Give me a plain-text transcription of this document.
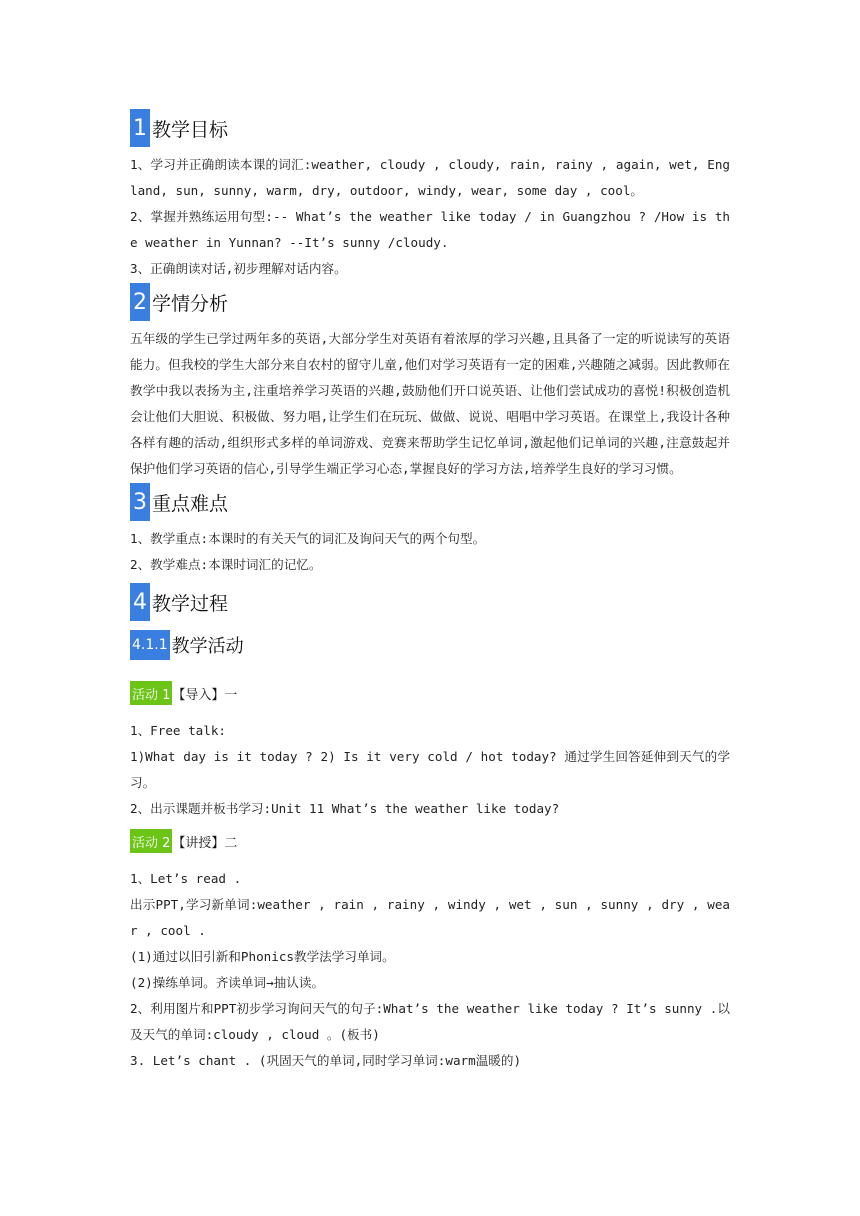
1 教学目标

1、学习并正确朗读本课的词汇:weather, cloudy , cloudy, rain, rainy , again, wet, England, sun, sunny, warm, dry, outdoor, windy, wear, some day , cool。

2、掌握并熟练运用句型:-- What’s the weather like today / in Guangzhou ? /How is the weather in Yunnan? --It’s sunny /cloudy.

3、正确朗读对话,初步理解对话内容。

2 学情分析

五年级的学生已学过两年多的英语,大部分学生对英语有着浓厚的学习兴趣,且具备了一定的听说读写的英语能力。但我校的学生大部分来自农村的留守儿童,他们对学习英语有一定的困难,兴趣随之减弱。因此教师在教学中我以表扬为主,注重培养学习英语的兴趣,鼓励他们开口说英语、让他们尝试成功的喜悦!积极创造机会让他们大胆说、积极做、努力唱,让学生们在玩玩、做做、说说、唱唱中学习英语。在课堂上,我设计各种各样有趣的活动,组织形式多样的单词游戏、竞赛来帮助学生记忆单词,激起他们记单词的兴趣,注意鼓起并保护他们学习英语的信心,引导学生端正学习心态,掌握良好的学习方法,培养学生良好的学习习惯。

3 重点难点

1、教学重点:本课时的有关天气的词汇及询问天气的两个句型。

2、教学难点:本课时词汇的记忆。

4 教学过程
4.1.1 教学活动
活动 1 【导入】一

1、Free talk:

1)What day is it today ? 2) Is it very cold / hot today? 通过学生回答延伸到天气的学习。

2、出示课题并板书学习:Unit 11 What’s the weather like today?

活动 2 【讲授】二

1、Let’s read .

出示PPT,学习新单词:weather , rain , rainy , windy , wet , sun , sunny , dry , wear , cool .

(1)通过以旧引新和Phonics教学法学习单词。

(2)操练单词。齐读单词→抽认读。

2、利用图片和PPT初步学习询问天气的句子:What’s the weather like today ? It’s sunny .以及天气的单词:cloudy , cloud 。(板书)

3. Let’s chant . (巩固天气的单词,同时学习单词:warm温暖的)
